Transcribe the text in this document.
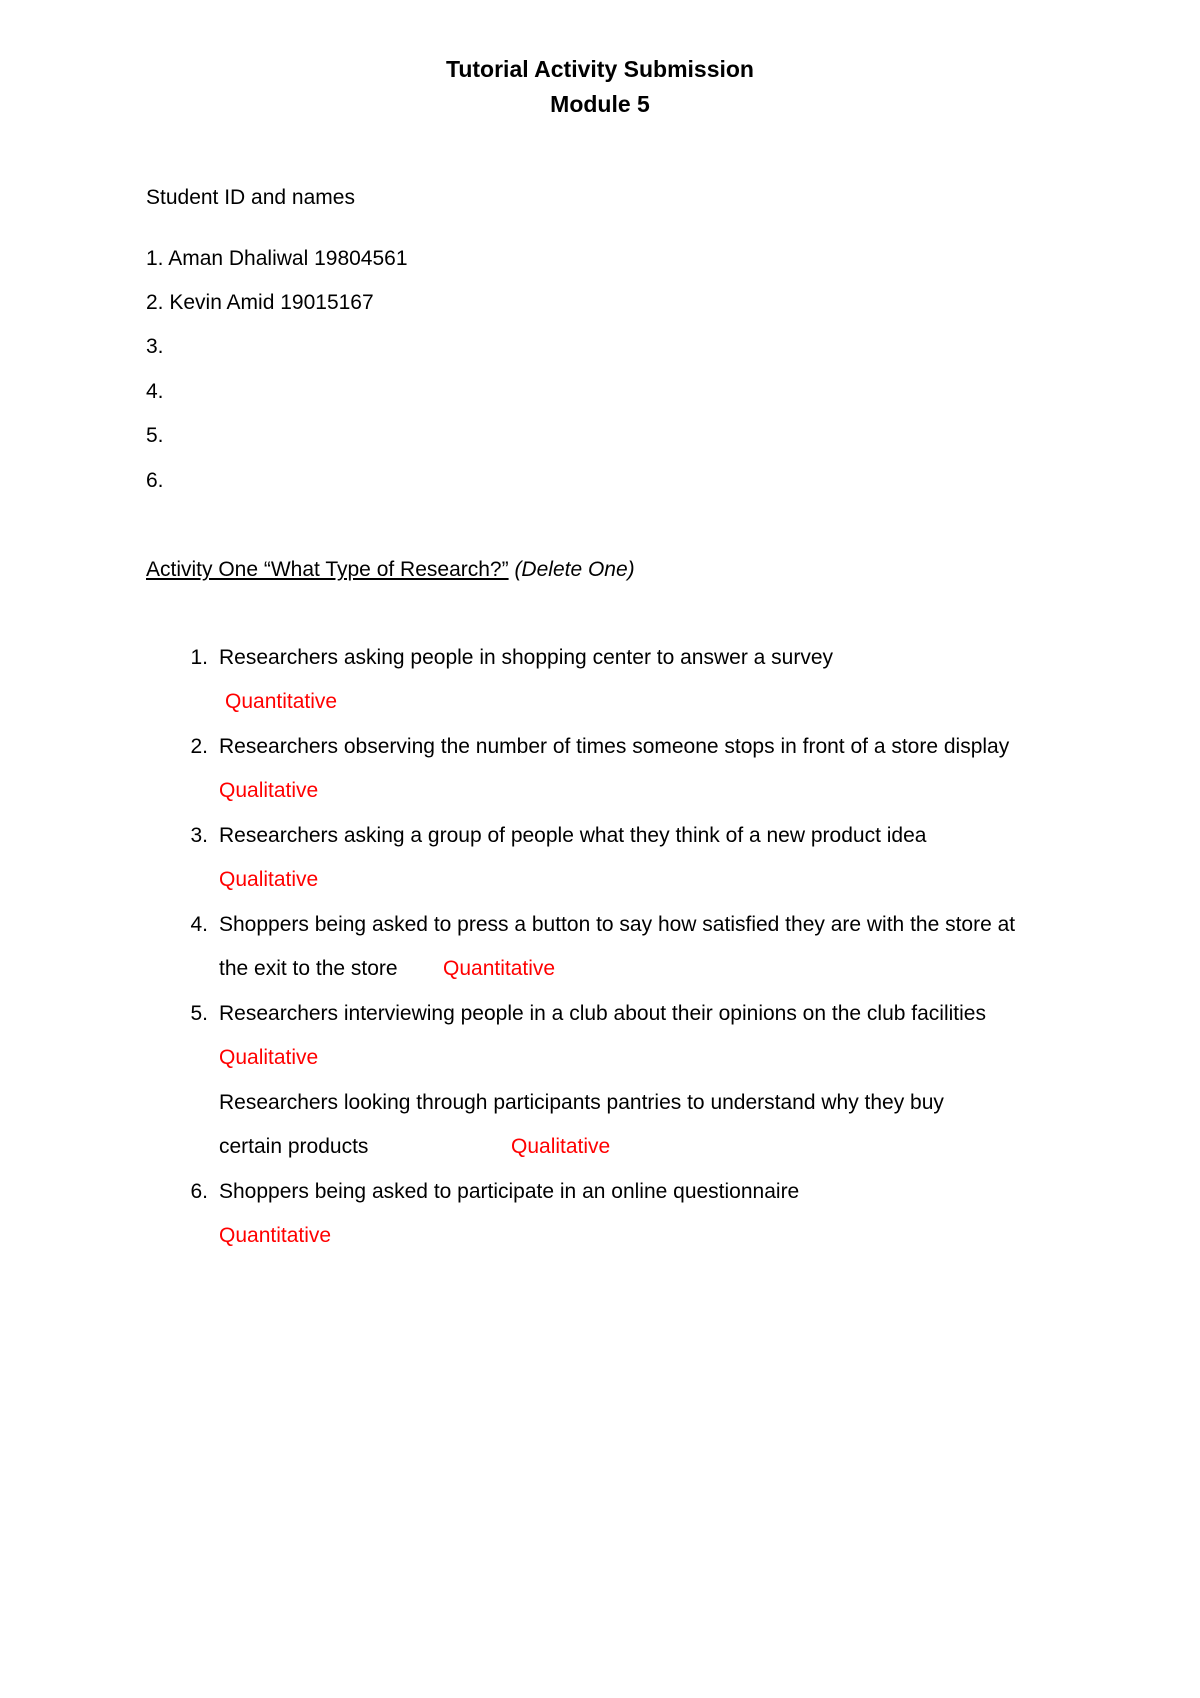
Tutorial Activity Submission
Module 5
Student ID and names
1. Aman Dhaliwal 19804561
2. Kevin Amid 19015167
3.
4.
5.
6.
Activity One “What Type of Research?” (Delete One)
1. Researchers asking people in shopping center to answer a survey
Quantitative
2. Researchers observing the number of times someone stops in front of a store display
Qualitative
3. Researchers asking a group of people what they think of a new product idea
Qualitative
4. Shoppers being asked to press a button to say how satisfied they are with the store at
the exit to the store Quantitative
5. Researchers interviewing people in a club about their opinions on the club facilities
Qualitative
Researchers looking through participants pantries to understand why they buy
certain products	Qualitative
6. Shoppers being asked to participate in an online questionnaire
Quantitative
